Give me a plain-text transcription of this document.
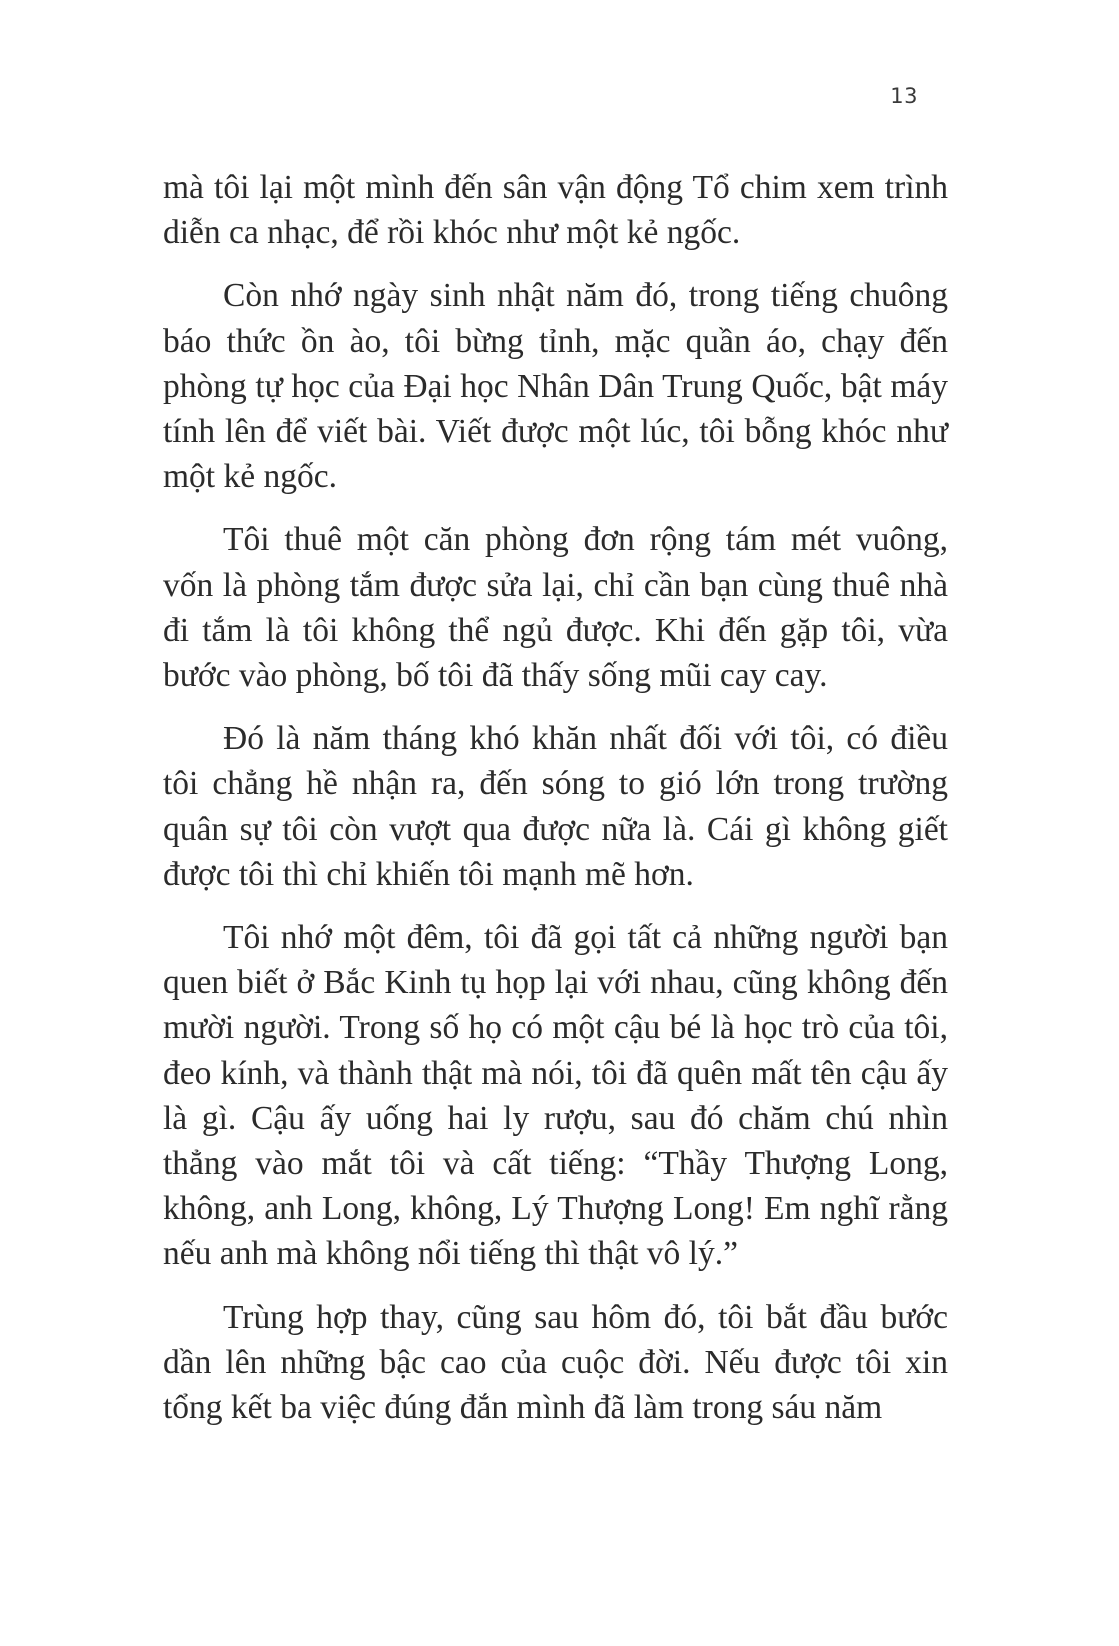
13

mà tôi lại một mình đến sân vận động Tổ chim xem trình diễn ca nhạc, để rồi khóc như một kẻ ngốc.

Còn nhớ ngày sinh nhật năm đó, trong tiếng chuông báo thức ồn ào, tôi bừng tỉnh, mặc quần áo, chạy đến phòng tự học của Đại học Nhân Dân Trung Quốc, bật máy tính lên để viết bài. Viết được một lúc, tôi bỗng khóc như một kẻ ngốc.

Tôi thuê một căn phòng đơn rộng tám mét vuông, vốn là phòng tắm được sửa lại, chỉ cần bạn cùng thuê nhà đi tắm là tôi không thể ngủ được. Khi đến gặp tôi, vừa bước vào phòng, bố tôi đã thấy sống mũi cay cay.

Đó là năm tháng khó khăn nhất đối với tôi, có điều tôi chẳng hề nhận ra, đến sóng to gió lớn trong trường quân sự tôi còn vượt qua được nữa là. Cái gì không giết được tôi thì chỉ khiến tôi mạnh mẽ hơn.

Tôi nhớ một đêm, tôi đã gọi tất cả những người bạn quen biết ở Bắc Kinh tụ họp lại với nhau, cũng không đến mười người. Trong số họ có một cậu bé là học trò của tôi, đeo kính, và thành thật mà nói, tôi đã quên mất tên cậu ấy là gì. Cậu ấy uống hai ly rượu, sau đó chăm chú nhìn thẳng vào mắt tôi và cất tiếng: “Thầy Thượng Long, không, anh Long, không, Lý Thượng Long! Em nghĩ rằng nếu anh mà không nổi tiếng thì thật vô lý.”

Trùng hợp thay, cũng sau hôm đó, tôi bắt đầu bước dần lên những bậc cao của cuộc đời. Nếu được tôi xin tổng kết ba việc đúng đắn mình đã làm trong sáu năm
